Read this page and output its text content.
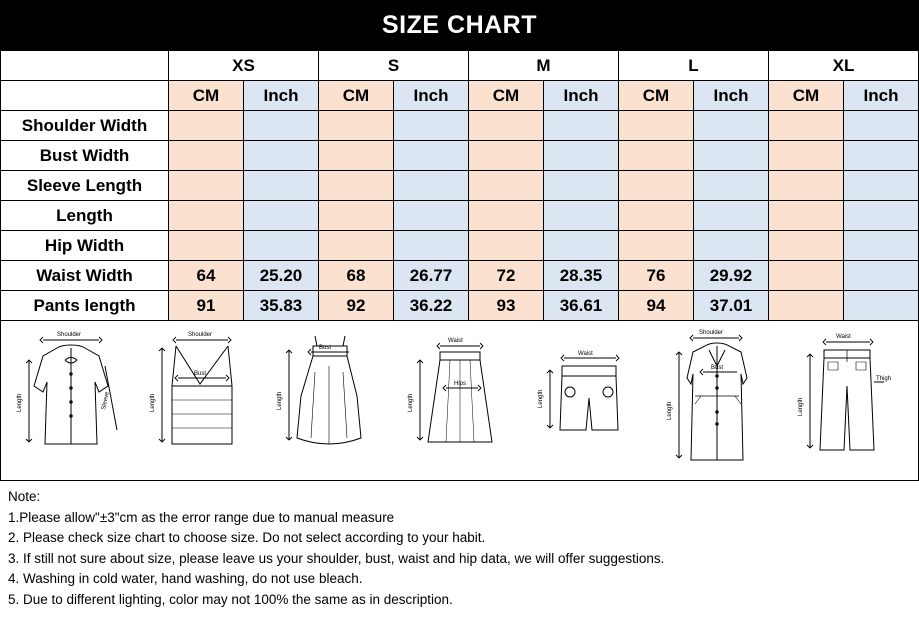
SIZE CHART
	XS		S		M		L		XL	
	CM	Inch	CM	Inch	CM	Inch	CM	Inch	CM	Inch
Shoulder Width										
Bust Width										
Sleeve Length										
Length										
Hip Width										
Waist Width	64	25.20	68	26.77	72	28.35	76	29.92		
Pants length	91	35.83	92	36.22	93	36.61	94	37.01		
Shoulder
Length	Sleeve
Shoulder
Bust
Length
Bust
Length
Waist
Length
Hips
Waist
Length
Shoulder
Bust
Length
Waist
Length
Thigh
Note:
1.Please allow"±3"cm as the error range due to manual measure
2. Please check size chart to choose size. Do not select according to your habit.
3. If still not sure about size, please leave us your shoulder, bust, waist and hip data, we will offer suggestions.
4. Washing in cold water, hand washing, do not use bleach.
5. Due to different lighting, color may not 100% the same as in description.
